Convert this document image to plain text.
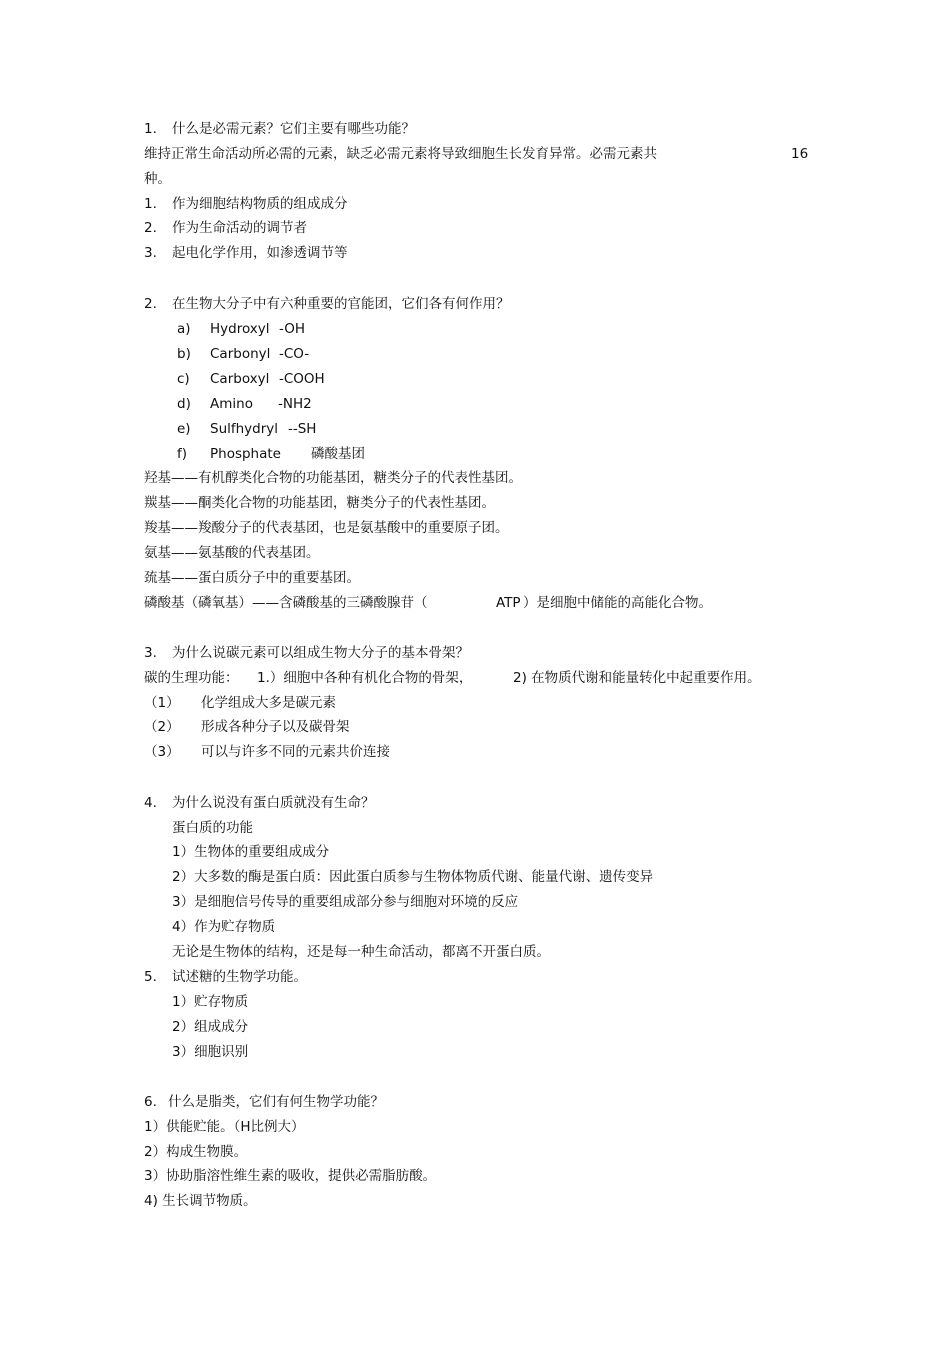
1. 什么是必需元素？它们主要有哪些功能？
维持正常生命活动所必需的元素，缺乏必需元素将导致细胞生长发育异常。必需元素共	16
种。
1. 作为细胞结构物质的组成成分
2. 作为生命活动的调节者
3. 起电化学作用，如渗透调节等
2. 在生物大分子中有六种重要的官能团，它们各有何作用？
a) Hydroxyl -OH
b) Carbonyl -CO-
c) Carboxyl -COOH
d) Amino -NH2
e) Sulfhydryl --SH
f) Phosphate 磷酸基团
羟基——有机醇类化合物的功能基团，糖类分子的代表性基团。
羰基——酮类化合物的功能基团，糖类分子的代表性基团。
羧基——羧酸分子的代表基团，也是氨基酸中的重要原子团。
氨基——氨基酸的代表基团。
巯基——蛋白质分子中的重要基团。
磷酸基（磷氧基）——含磷酸基的三磷酸腺苷（	ATP ）是细胞中储能的高能化合物。
3. 为什么说碳元素可以组成生物大分子的基本骨架？
碳的生理功能： 1.）细胞中各种有机化合物的骨架，	2) 在物质代谢和能量转化中起重要作用。
（1） 化学组成大多是碳元素
（2） 形成各种分子以及碳骨架
（3） 可以与许多不同的元素共价连接
4. 为什么说没有蛋白质就没有生命？
蛋白质的功能
1）生物体的重要组成成分
2）大多数的酶是蛋白质：因此蛋白质参与生物体物质代谢、能量代谢、遗传变异
3）是细胞信号传导的重要组成部分参与细胞对环境的反应
4）作为贮存物质
无论是生物体的结构，还是每一种生命活动，都离不开蛋白质。
5. 试述糖的生物学功能。
1）贮存物质
2）组成成分
3）细胞识别
6. 什么是脂类，它们有何生物学功能？
1）供能贮能。（H比例大）
2）构成生物膜。
3）协助脂溶性维生素的吸收，提供必需脂肪酸。
4) 生长调节物质。
